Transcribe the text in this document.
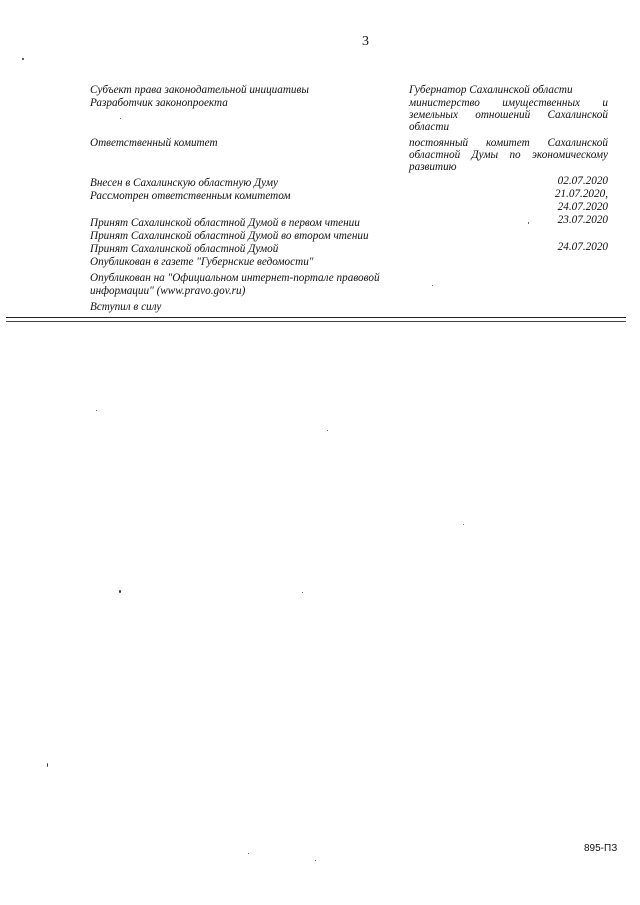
3
Субъект права законодательной инициативы	Губернатор Сахалинской области
Разработчик законопроекта	министерство имущественных и
земельных отношений Сахалинской
области
Ответственный комитет	постоянный комитет Сахалинской
областной Думы по экономическому
развитию
Внесен в Сахалинскую областную Думу	02.07.2020
Рассмотрен ответственным комитетом	21.07.2020,
24.07.2020
Принят Сахалинской областной Думой в первом чтении	23.07.2020
Принят Сахалинской областной Думой во втором чтении
Принят Сахалинской областной Думой	24.07.2020
Опубликован в газете "Губернские ведомости"
Опубликован на "Официальном интернет-портале правовой
информации" (www.pravo.gov.ru)
Вступил в силу
895-ПЗ
